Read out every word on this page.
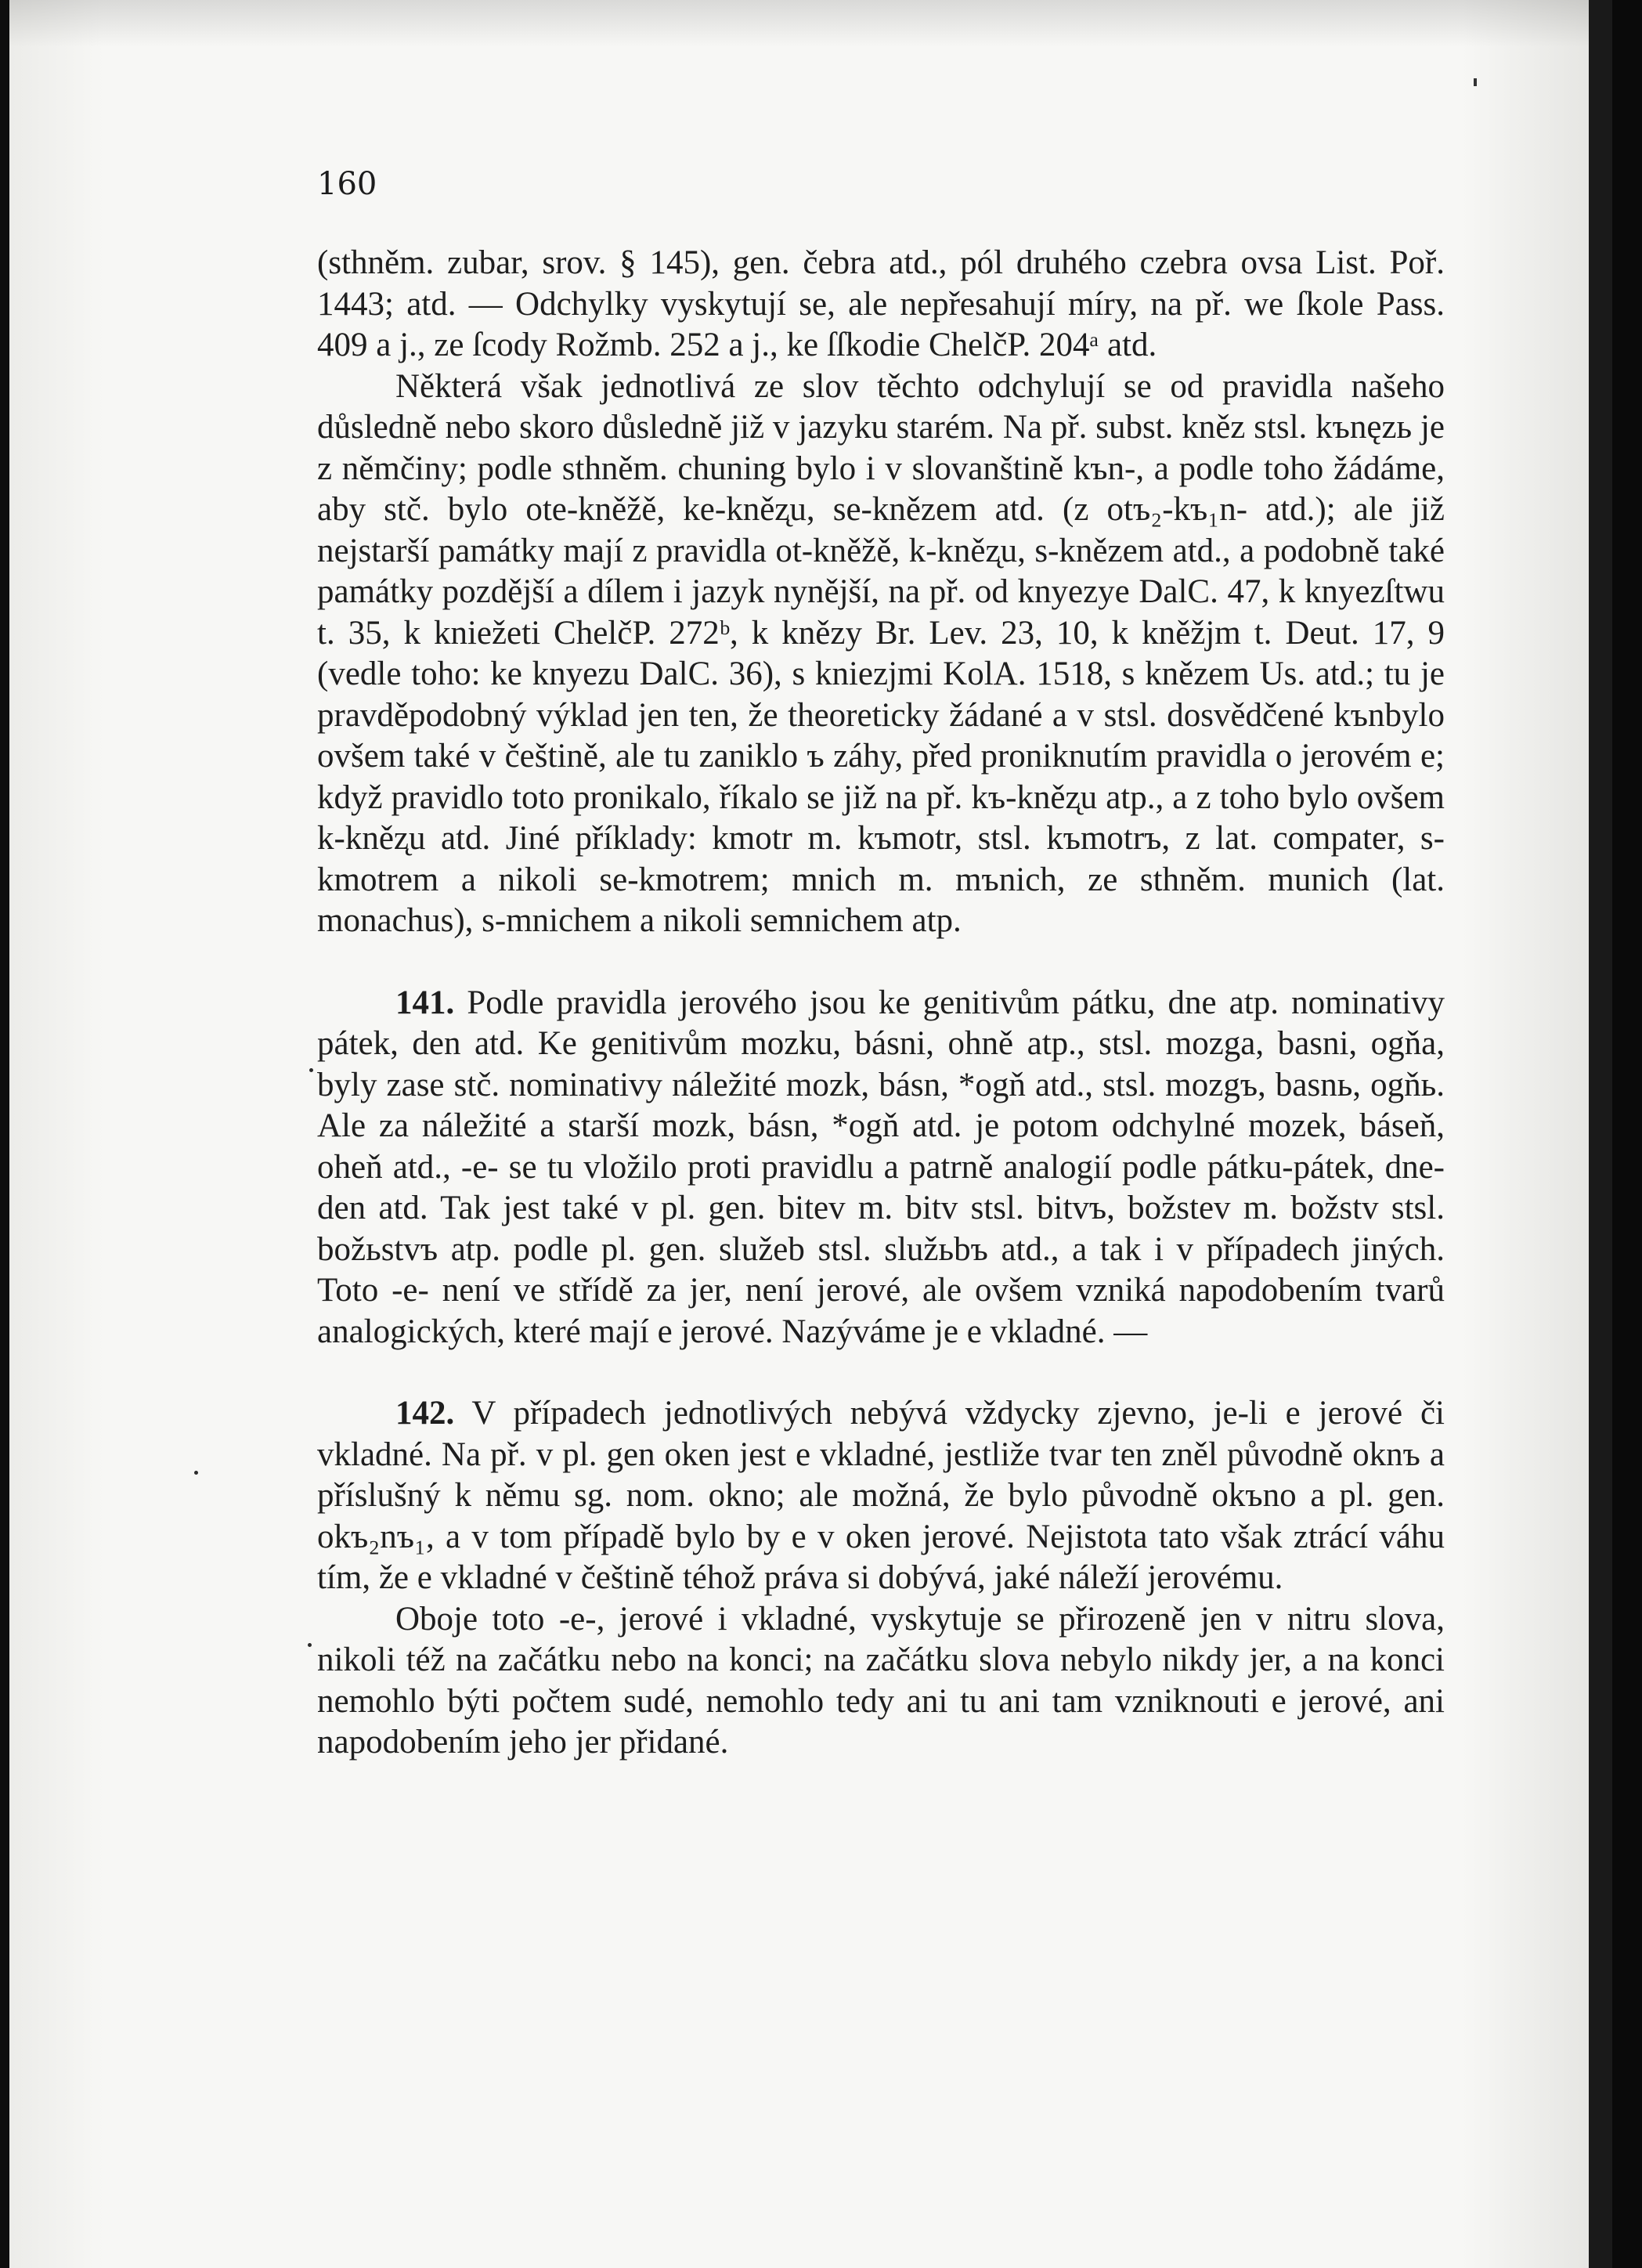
160

(sthněm. zubar, srov. § 145), gen. čebra atd., pól druhého czebra ovsa List. Poř. 1443; atd. — Odchylky vyskytují se, ale nepřesahují míry, na př. we ſkole Pass. 409 a j., ze ſcody Rožmb. 252 a j., ke ſſkodie ChelčP. 204ᵃ atd.

Některá však jednotlivá ze slov těchto odchylují se od pravidla našeho důsledně nebo skoro důsledně již v jazyku starém. Na př. subst. kněz stsl. kъnęzь je z němčiny; podle sthněm. chuning bylo i v slovanštině kъn-, a podle toho žádáme, aby stč. bylo ote-kněžě, ke-kněz̨u, se-knězem atd. (z otъ₂-kъ₁n- atd.); ale již nejstarší památky mají z pravidla ot-kněžě, k-kněz̨u, s-knězem atd., a podobně také památky pozdější a dílem i jazyk nynější, na př. od knyezye DalC. 47, k knyezſtwu t. 35, k kniežeti ChelčP. 272ᵇ, k knězy Br. Lev. 23, 10, k kněžjm t. Deut. 17, 9 (vedle toho: ke knyezu DalC. 36), s kniezjmi KolA. 1518, s knězem Us. atd.; tu je pravděpodobný výklad jen ten, že theoreticky žádané a v stsl. dosvědčené kъnbylo ovšem také v češtině, ale tu zaniklo ъ záhy, před proniknutím pravidla o jerovém e; když pravidlo toto pronikalo, říkalo se již na př. kъ-kněz̨u atp., a z toho bylo ovšem k-kněz̨u atd. Jiné příklady: kmotr m. kъmotr, stsl. kъmotrъ, z lat. compater, s-kmotrem a nikoli se-kmotrem; mnich m. mъnich, ze sthněm. munich (lat. monachus), s-mnichem a nikoli semnichem atp.

141. Podle pravidla jerového jsou ke genitivům pátku, dne atp. nominativy pátek, den atd. Ke genitivům mozku, básni, ohně atp., stsl. mozga, basni, ogňa, byly zase stč. nominativy náležité mozk, básn, *ogň atd., stsl. mozgъ, basnь, ogňь. Ale za náležité a starší mozk, básn, *ogň atd. je potom odchylné mozek, báseň, oheň atd., -e- se tu vložilo proti pravidlu a patrně analogií podle pátku-pátek, dne-den atd. Tak jest také v pl. gen. bitev m. bitv stsl. bitvъ, božstev m. božstv stsl. božьstvъ atp. podle pl. gen. služeb stsl. služьbъ atd., a tak i v případech jiných. Toto -e- není ve střídě za jer, není jerové, ale ovšem vzniká napodobením tvarů analogických, které mají e jerové. Nazýváme je e vkladné. —

142. V případech jednotlivých nebývá vždycky zjevno, je-li e jerové či vkladné. Na př. v pl. gen oken jest e vkladné, jestliže tvar ten zněl původně oknъ a příslušný k němu sg. nom. okno; ale možná, že bylo původně okъno a pl. gen. okъ₂nъ₁, a v tom případě bylo by e v oken jerové. Nejistota tato však ztrácí váhu tím, že e vkladné v češtině téhož práva si dobývá, jaké náleží jerovému.

Oboje toto -e-, jerové i vkladné, vyskytuje se přirozeně jen v nitru slova, nikoli též na začátku nebo na konci; na začátku slova nebylo nikdy jer, a na konci nemohlo býti počtem sudé, nemohlo tedy ani tu ani tam vzniknouti e jerové, ani napodobením jeho jer přidané.
